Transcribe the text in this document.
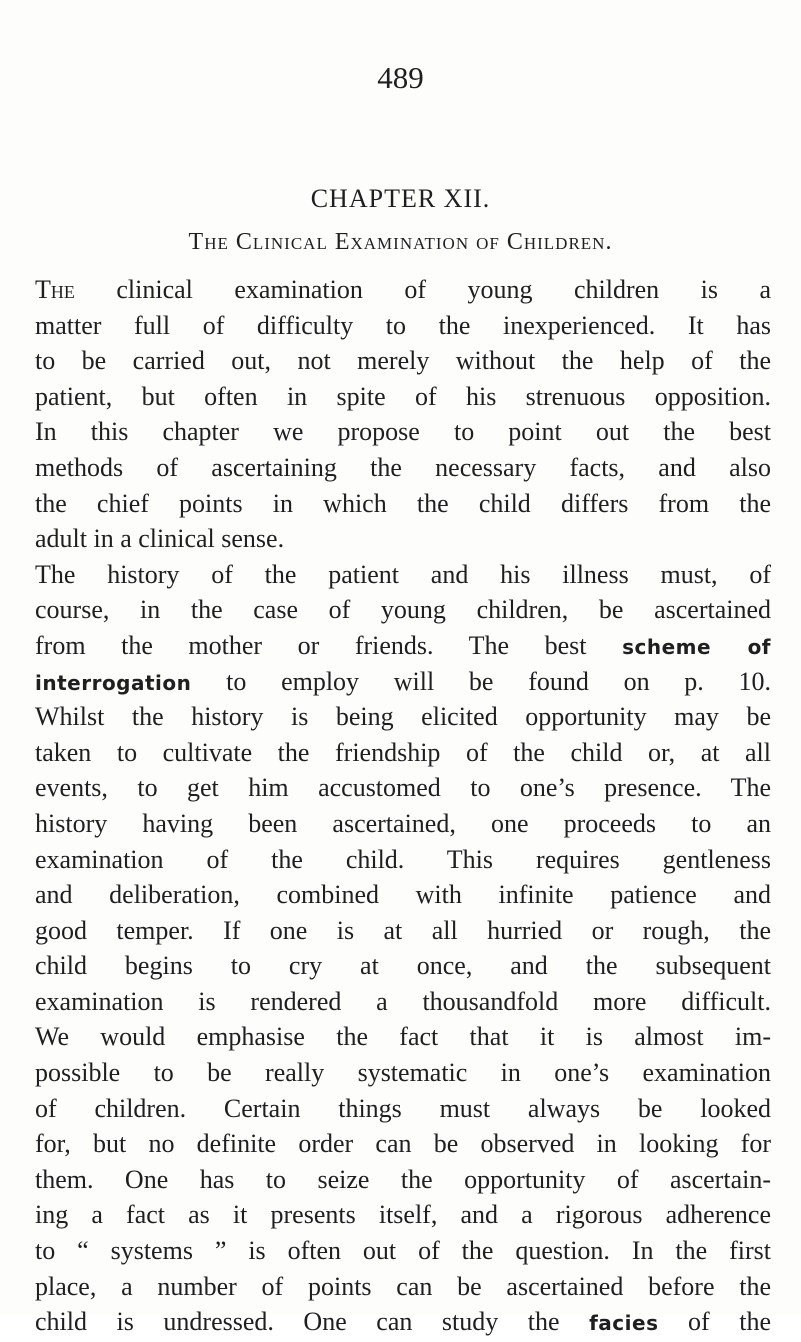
489
CHAPTER XII.
The Clinical Examination of Children.
The clinical examination of young children is a
matter full of difficulty to the inexperienced. It has
to be carried out, not merely without the help of the
patient, but often in spite of his strenuous opposition.
In this chapter we propose to point out the best
methods of ascertaining the necessary facts, and also
the chief points in which the child differs from the
adult in a clinical sense.
The history of the patient and his illness must, of
course, in the case of young children, be ascertained
from the mother or friends. The best scheme of
interrogation to employ will be found on p. 10.
Whilst the history is being elicited opportunity may be
taken to cultivate the friendship of the child or, at all
events, to get him accustomed to one’s presence. The
history having been ascertained, one proceeds to an
examination of the child. This requires gentleness
and deliberation, combined with infinite patience and
good temper. If one is at all hurried or rough, the
child begins to cry at once, and the subsequent
examination is rendered a thousandfold more difficult.
We would emphasise the fact that it is almost im-
possible to be really systematic in one’s examination
of children. Certain things must always be looked
for, but no definite order can be observed in looking for
them. One has to seize the opportunity of ascertain-
ing a fact as it presents itself, and a rigorous adherence
to “ systems ” is often out of the question. In the first
place, a number of points can be ascertained before the
child is undressed. One can study the facies of the
